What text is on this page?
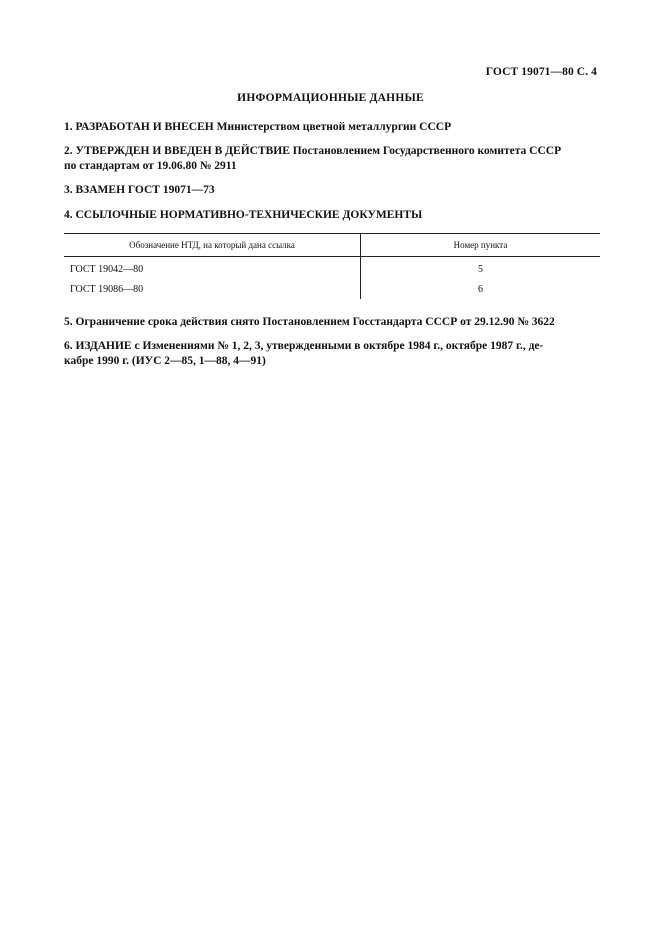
ГОСТ 19071—80 С. 4
ИНФОРМАЦИОННЫЕ ДАННЫЕ
1. РАЗРАБОТАН И ВНЕСЕН Министерством цветной металлургии СССР
2. УТВЕРЖДЕН И ВВЕДЕН В ДЕЙСТВИЕ Постановлением Государственного комитета СССР
по стандартам от 19.06.80 № 2911
3. ВЗАМЕН ГОСТ 19071—73
4. ССЫЛОЧНЫЕ НОРМАТИВНО-ТЕХНИЧЕСКИЕ ДОКУМЕНТЫ
Обозначение НТД, на который дана ссылка	Номер пункта
ГОСТ 19042—80	5
ГОСТ 19086—80	6
5. Ограничение срока действия снято Постановлением Госстандарта СССР от 29.12.90 № 3622
6. ИЗДАНИЕ с Изменениями № 1, 2, 3, утвержденными в октябре 1984 г., октябре 1987 г., де-
кабре 1990 г. (ИУС 2—85, 1—88, 4—91)
